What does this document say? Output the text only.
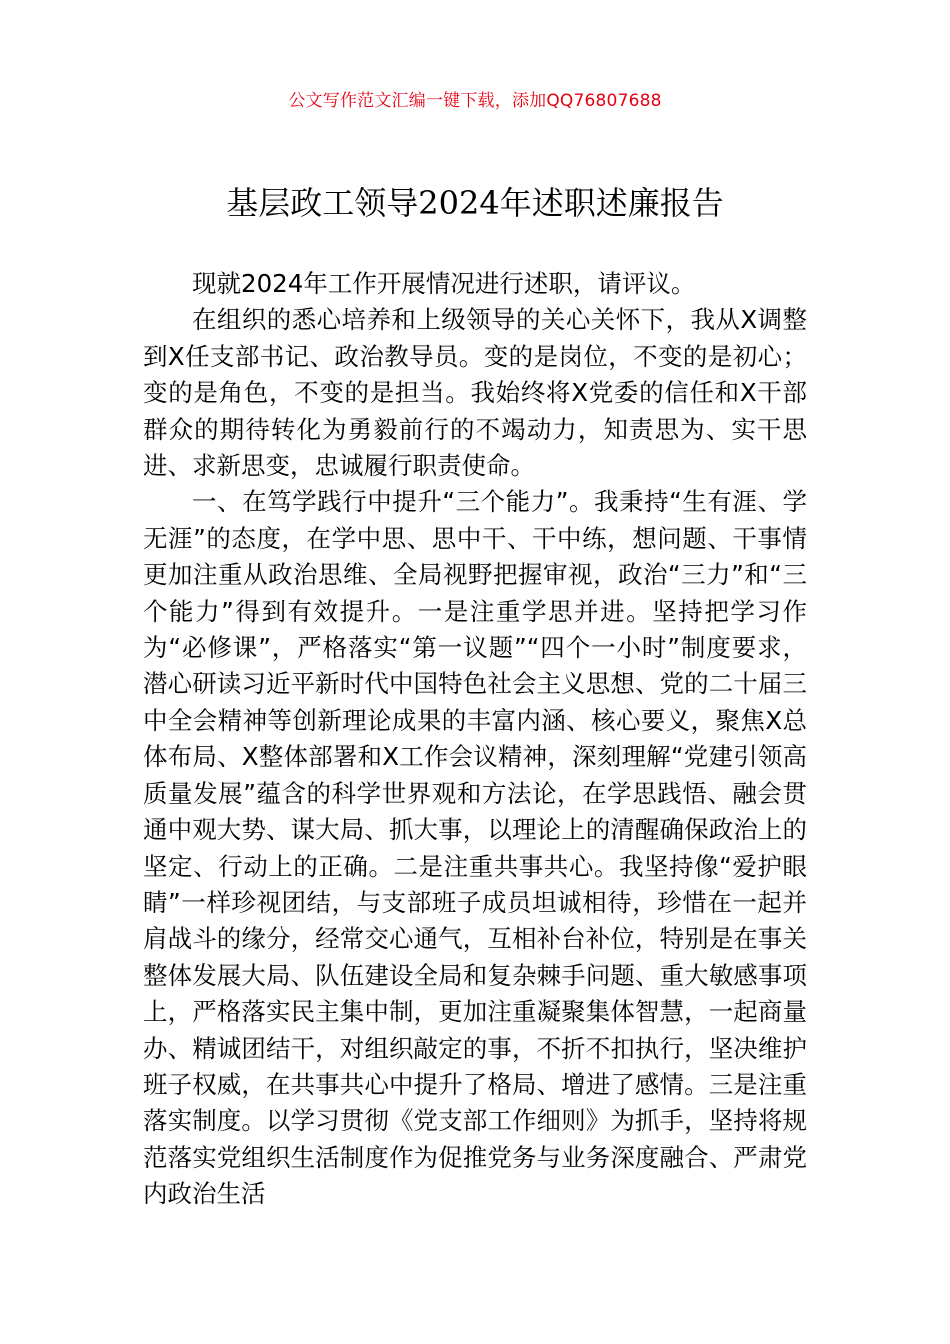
公文写作范文汇编一键下载，添加QQ76807688
基层政工领导2024年述职述廉报告

现就2024年工作开展情况进行述职，请评议。

在组织的悉心培养和上级领导的关心关怀下，我从X调整到X任支部书记、政治教导员。变的是岗位，不变的是初心；变的是角色，不变的是担当。我始终将X党委的信任和X干部群众的期待转化为勇毅前行的不竭动力，知责思为、实干思进、求新思变，忠诚履行职责使命。

一、在笃学践行中提升“三个能力”。我秉持“生有涯、学无涯”的态度，在学中思、思中干、干中练，想问题、干事情更加注重从政治思维、全局视野把握审视，政治“三力”和“三个能力”得到有效提升。一是注重学思并进。坚持把学习作为“必修课”，严格落实“第一议题”“四个一小时”制度要求，潜心研读习近平新时代中国特色社会主义思想、党的二十届三中全会精神等创新理论成果的丰富内涵、核心要义，聚焦X总体布局、X整体部署和X工作会议精神，深刻理解“党建引领高质量发展”蕴含的科学世界观和方法论，在学思践悟、融会贯通中观大势、谋大局、抓大事，以理论上的清醒确保政治上的坚定、行动上的正确。二是注重共事共心。我坚持像“爱护眼睛”一样珍视团结，与支部班子成员坦诚相待，珍惜在一起并肩战斗的缘分，经常交心通气，互相补台补位，特别是在事关整体发展大局、队伍建设全局和复杂棘手问题、重大敏感事项上，严格落实民主集中制，更加注重凝聚集体智慧，一起商量办、精诚团结干，对组织敲定的事，不折不扣执行，坚决维护班子权威，在共事共心中提升了格局、增进了感情。三是注重落实制度。以学习贯彻《党支部工作细则》为抓手，坚持将规范落实党组织生活制度作为促推党务与业务深度融合、严肃党内政治生活
